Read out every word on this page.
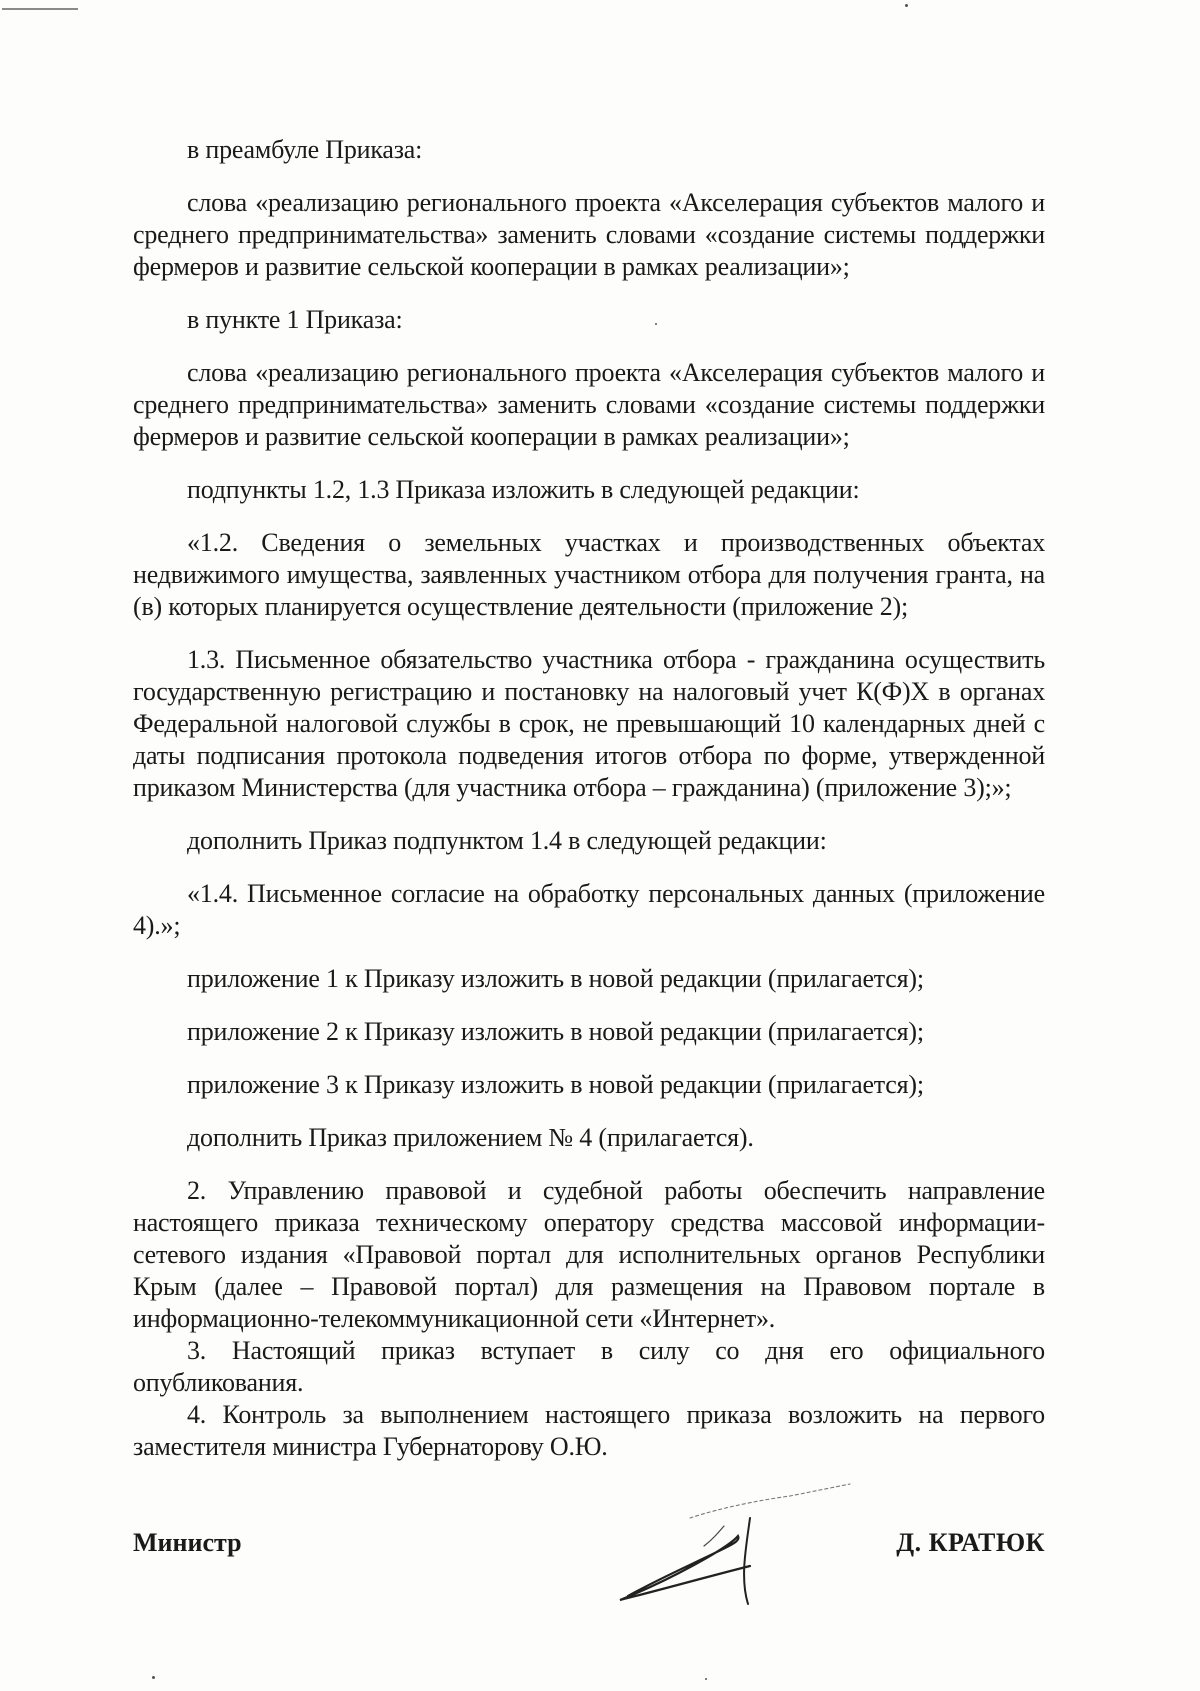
в преамбуле Приказа:

слова «реализацию регионального проекта «Акселерация субъектов малого и среднего предпринимательства» заменить словами «создание системы поддержки фермеров и развитие сельской кооперации в рамках реализации»;

в пункте 1 Приказа:

слова «реализацию регионального проекта «Акселерация субъектов малого и среднего предпринимательства» заменить словами «создание системы поддержки фермеров и развитие сельской кооперации в рамках реализации»;

подпункты 1.2, 1.3 Приказа изложить в следующей редакции:

«1.2. Сведения о земельных участках и производственных объектах недвижимого имущества, заявленных участником отбора для получения гранта, на (в) которых планируется осуществление деятельности (приложение 2);

1.3. Письменное обязательство участника отбора - гражданина осуществить государственную регистрацию и постановку на налоговый учет К(Ф)Х в органах Федеральной налоговой службы в срок, не превышающий 10 календарных дней с даты подписания протокола подведения итогов отбора по форме, утвержденной приказом Министерства (для участника отбора – гражданина) (приложение 3);»;

дополнить Приказ подпунктом 1.4 в следующей редакции:

«1.4. Письменное согласие на обработку персональных данных (приложение 4).»;

приложение 1 к Приказу изложить в новой редакции (прилагается);

приложение 2 к Приказу изложить в новой редакции (прилагается);

приложение 3 к Приказу изложить в новой редакции (прилагается);

дополнить Приказ приложением № 4 (прилагается).

2. Управлению правовой и судебной работы обеспечить направление настоящего приказа техническому оператору средства массовой информации-сетевого издания «Правовой портал для исполнительных органов Республики Крым (далее – Правовой портал) для размещения на Правовом портале в информационно-телекоммуникационной сети «Интернет».

3. Настоящий приказ вступает в силу со дня его официального опубликования.

4. Контроль за выполнением настоящего приказа возложить на первого заместителя министра Губернаторову О.Ю.

Министр	Д. КРАТЮК
